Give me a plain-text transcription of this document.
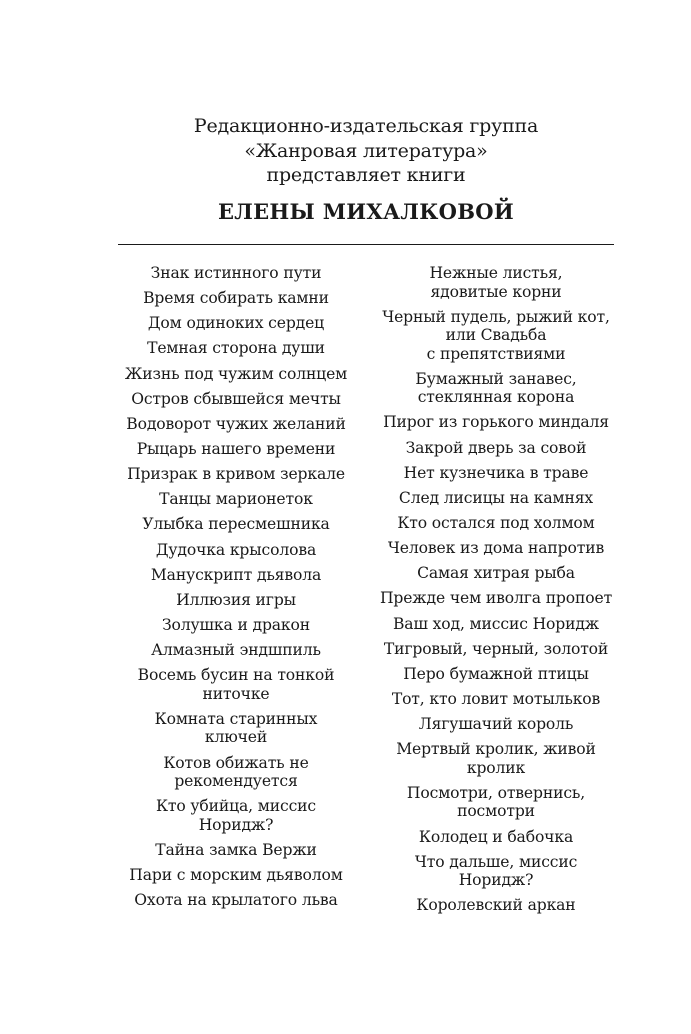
Редакционно-издательская группа
«Жанровая литература»
представляет книги
ЕЛЕНЫ МИХАЛКОВОЙ
Знак истинного пути
Время собирать камни
Дом одиноких сердец
Темная сторона души
Жизнь под чужим солнцем
Остров сбывшейся мечты
Водоворот чужих желаний
Рыцарь нашего времени
Призрак в кривом зеркале
Танцы марионеток
Улыбка пересмешника
Дудочка крысолова
Манускрипт дьявола
Иллюзия игры
Золушка и дракон
Алмазный эндшпиль
Восемь бусин на тонкой
ниточке
Комната старинных
ключей
Котов обижать не
рекомендуется
Кто убийца, миссис
Норидж?
Тайна замка Вержи
Пари с морским дьяволом
Охота на крылатого льва
Нежные листья,
ядовитые корни
Черный пудель, рыжий кот,
или Свадьба
с препятствиями
Бумажный занавес,
стеклянная корона
Пирог из горького миндаля
Закрой дверь за совой
Нет кузнечика в траве
След лисицы на камнях
Кто остался под холмом
Человек из дома напротив
Самая хитрая рыба
Прежде чем иволга пропоет
Ваш ход, миссис Норидж
Тигровый, черный, золотой
Перо бумажной птицы
Тот, кто ловит мотыльков
Лягушачий король
Мертвый кролик, живой
кролик
Посмотри, отвернись,
посмотри
Колодец и бабочка
Что дальше, миссис
Норидж?
Королевский аркан
